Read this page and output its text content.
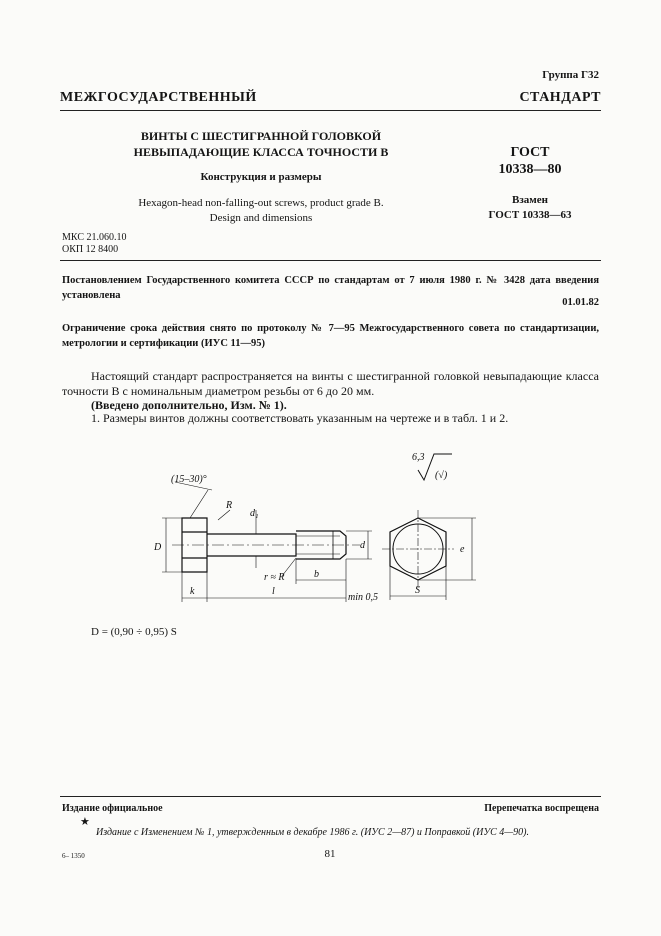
Группа Г32
МЕЖГОСУДАРСТВЕННЫЙ СТАНДАРТ
ВИНТЫ С ШЕСТИГРАННОЙ ГОЛОВКОЙ
НЕВЫПАДАЮЩИЕ КЛАССА ТОЧНОСТИ В
Конструкция и размеры
Hexagon-head non-falling-out screws, product grade B.
Design and dimensions
ГОСТ
10338—80
Взамен
ГОСТ 10338—63
МКС 21.060.10
ОКП 12 8400
Постановлением Государственного комитета СССР по стандартам от 7 июля 1980 г. № 3428 дата введения установлена
01.01.82
Ограничение срока действия снято по протоколу № 7—95 Межгосударственного совета по стандартизации, метрологии и сертификации (ИУС 11—95)
Настоящий стандарт распространяется на винты с шестигранной головкой невыпадающие класса точности В с номинальным диаметром резьбы от 6 до 20 мм.
(Введено дополнительно, Изм. № 1).
1. Размеры винтов должны соответствовать указанным на чертеже и в табл. 1 и 2.
(15–30)°
R
d₁
D	d
r ≈ R	b
k	l
min 0,5
e
S
6,3
(√)
D = (0,90 ÷ 0,95) S
Издание официальное	Перепечатка воспрещена
★
Издание с Изменением № 1, утвержденным в декабре 1986 г. (ИУС 2—87) и Поправкой (ИУС 4—90).
6– 1350	81
